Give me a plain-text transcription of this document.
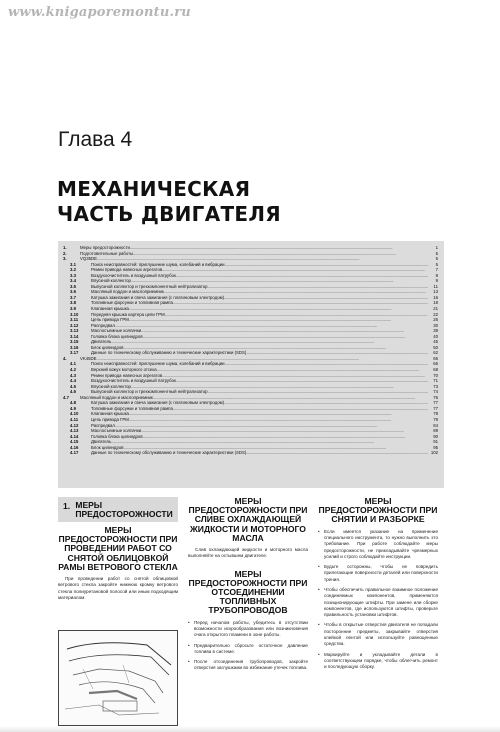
www.knigaporemontu.ru
Глава 4
МЕХАНИЧЕСКАЯ
ЧАСТЬ ДВИГАТЕЛЯ
1.	Меры предосторожности .....	1
2.	Подготовительные работы .....	5
3.	VQ35DE .....	5
3.1	Поиск неисправностей: приглушение шума, колебаний и вибрации .....	5
3.2	Ремни привода навесных агрегатов .....	7
3.3	Воздухоочиститель и воздушный патрубок .....	8
3.4	Впускной коллектор .....	9
3.5	Выпускной коллектор и трехкомпонентный нейтрализатор .....	11
3.6	Масляный поддон и маслоприемник .....	13
3.7	Катушка зажигания и свеча зажигания (с платиновым электродом) .....	16
3.8	Топливные форсунки и топливная рампа .....	18
3.9	Клапанная крышка .....	21
3.10	Передняя крышка картера цепи ГРМ .....	22
3.11	Цепь привода ГРМ .....	26
3.12	Распредвал .....	30
3.13	Маслосъемные колпачки .....	39
3.14	Головка блока цилиндров .....	40
3.15	Двигатель .....	45
3.16	Блок цилиндров .....	50
3.17	Данные по техническому обслуживанию и технические характеристики (SDS) .....	62
4.	VK45DE .....	66
4.1	Поиск неисправностей: приглушение шума, колебаний и вибрации .....	66
4.2	Верхний кожух моторного отсека .....	68
4.3	Ремни привода навесных агрегатов .....	70
4.4	Воздухоочиститель и воздушный патрубок .....	71
4.5	Впускной коллектор .....	73
4.6	Выпускной коллектор и трехкомпонентный нейтрализатор .....	74
4.7	Масляный поддон и маслоприемник .....	76
4.8	Катушка зажигания и свеча зажигания (с платиновым электродом) .....	77
4.9	Топливные форсунки и топливная рампа .....	77
4.10	Клапанная крышка .....	78
4.11	Цепь привода ГРМ .....	79
4.12	Распредвал .....	84
4.13	Маслосъемные колпачки .....	89
4.14	Головка блока цилиндров .....	90
4.15	Двигатель .....	91
4.16	Блок цилиндров .....	95
4.17	Данные по техническому обслуживанию и технические характеристики (SDS) .....	102
1. МЕРЫ ПРЕДОСТОРОЖНОСТИ
МЕРЫ ПРЕДОСТОРОЖНОСТИ ПРИ ПРОВЕДЕНИИ РАБОТ СО СНЯТОЙ ОБЛИЦОВКОЙ РАМЫ ВЕТРОВОГО СТЕКЛА
При проведении работ со снятой облицовкой ветрового стекла закройте нижнюю кромку ветрового стекла полиуретановой полосой или иным подходящим материалом.
МЕРЫ ПРЕДОСТОРОЖНОСТИ ПРИ СЛИВЕ ОХЛАЖДАЮЩЕЙ ЖИДКОСТИ И МОТОРНОГО МАСЛА
Слив охлаждающей жидкости и моторного масла выполняйте на остывшем двигателе.
МЕРЫ ПРЕДОСТОРОЖНОСТИ ПРИ ОТСОЕДИНЕНИИ ТОПЛИВНЫХ ТРУБОПРОВОДОВ
• Перед началом работы, убедитесь в отсутствии возможности искрообразования или возникновения очага открытого пламени в зоне работы.
• Предварительно сбросьте остаточное давление топлива в системе.
• После отсоединения трубопроводов, закройте отверстия заглушками во избежание утечек топлива.
МЕРЫ ПРЕДОСТОРОЖНОСТИ ПРИ СНЯТИИ И РАЗБОРКЕ
• Если имеется указание на применение специального инструмента, то нужно выполнить это требование. При работе соблюдайте меры предосторожности, не прикладывайте чрезмерных усилий и строго соблюдайте инструкции.
• Будьте осторожны, чтобы не повредить прилегающие поверхности деталей или поверхности трения.
• Чтобы обеспечить правильное взаимное положение соединяемых компонентов, применяются позиционирующие штифты. При замене или сборке компонентов, где используются штифты, проверьте правильность установки штифтов.
• Чтобы в открытые отверстия двигателя не попадали посторонние предметы, закрывайте отверстия клейкой лентой или используйте равноценные средства.
• Маркируйте и укладывайте детали в соответствующем порядке, чтобы облегчить ремонт и последующую сборку.
